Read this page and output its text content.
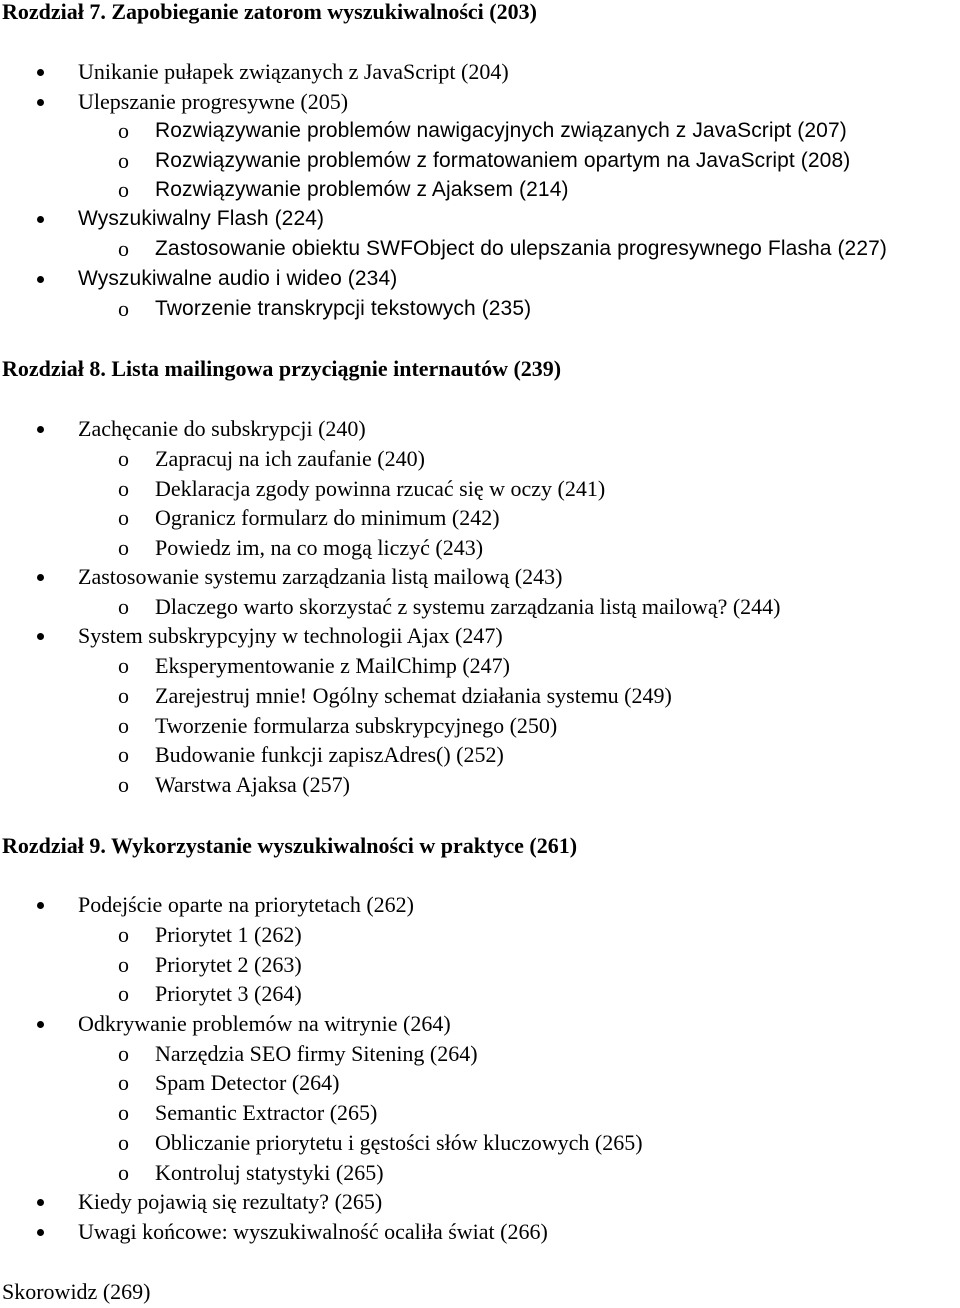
Rozdział 7. Zapobieganie zatorom wyszukiwalności (203)
Unikanie pułapek związanych z JavaScript (204)
Ulepszanie progresywne (205)
o Rozwiązywanie problemów nawigacyjnych związanych z JavaScript (207)
o Rozwiązywanie problemów z formatowaniem opartym na JavaScript (208)
o Rozwiązywanie problemów z Ajaksem (214)
Wyszukiwalny Flash (224)
o Zastosowanie obiektu SWFObject do ulepszania progresywnego Flasha (227)
Wyszukiwalne audio i wideo (234)
o Tworzenie transkrypcji tekstowych (235)
Rozdział 8. Lista mailingowa przyciągnie internautów (239)
Zachęcanie do subskrypcji (240)
o Zapracuj na ich zaufanie (240)
o Deklaracja zgody powinna rzucać się w oczy (241)
o Ogranicz formularz do minimum (242)
o Powiedz im, na co mogą liczyć (243)
Zastosowanie systemu zarządzania listą mailową (243)
o Dlaczego warto skorzystać z systemu zarządzania listą mailową? (244)
System subskrypcyjny w technologii Ajax (247)
o Eksperymentowanie z MailChimp (247)
o Zarejestruj mnie! Ogólny schemat działania systemu (249)
o Tworzenie formularza subskrypcyjnego (250)
o Budowanie funkcji zapiszAdres() (252)
o Warstwa Ajaksa (257)
Rozdział 9. Wykorzystanie wyszukiwalności w praktyce (261)
Podejście oparte na priorytetach (262)
o Priorytet 1 (262)
o Priorytet 2 (263)
o Priorytet 3 (264)
Odkrywanie problemów na witrynie (264)
o Narzędzia SEO firmy Sitening (264)
o Spam Detector (264)
o Semantic Extractor (265)
o Obliczanie priorytetu i gęstości słów kluczowych (265)
o Kontroluj statystyki (265)
Kiedy pojawią się rezultaty? (265)
Uwagi końcowe: wyszukiwalność ocaliła świat (266)
Skorowidz (269)
